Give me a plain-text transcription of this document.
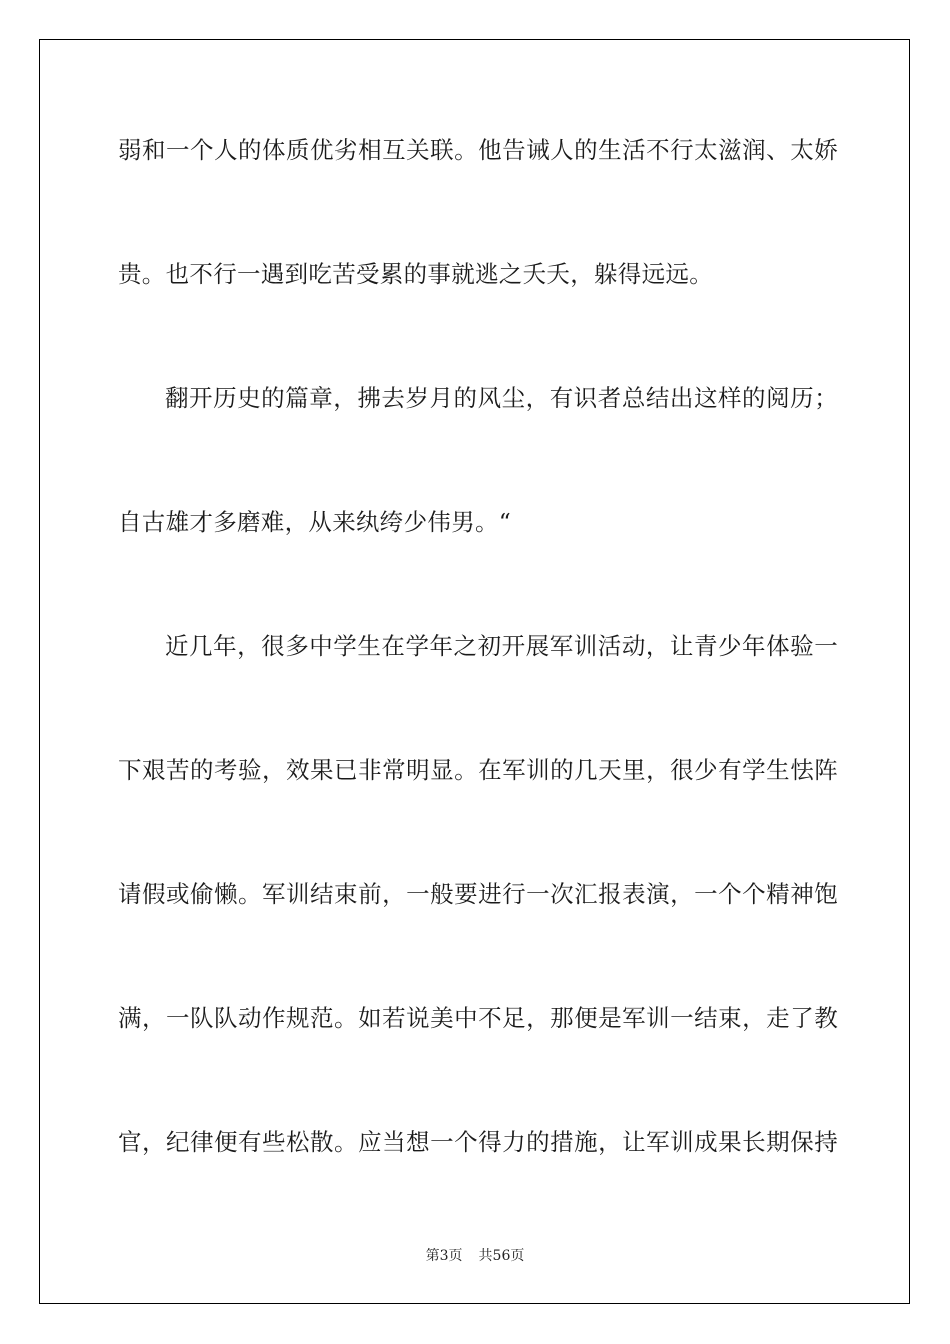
弱和一个人的体质优劣相互关联。他告诫人的生活不行太滋润、太娇
贵。也不行一遇到吃苦受累的事就逃之夭夭，躲得远远。
翻开历史的篇章，拂去岁月的风尘，有识者总结出这样的阅历；
自古雄才多磨难，从来纨绔少伟男。“
近几年，很多中学生在学年之初开展军训活动，让青少年体验一
下艰苦的考验，效果已非常明显。在军训的几天里，很少有学生怯阵
请假或偷懒。军训结束前，一般要进行一次汇报表演，一个个精神饱
满，一队队动作规范。如若说美中不足，那便是军训一结束，走了教
官，纪律便有些松散。应当想一个得力的措施，让军训成果长期保持
第3页 共56页
